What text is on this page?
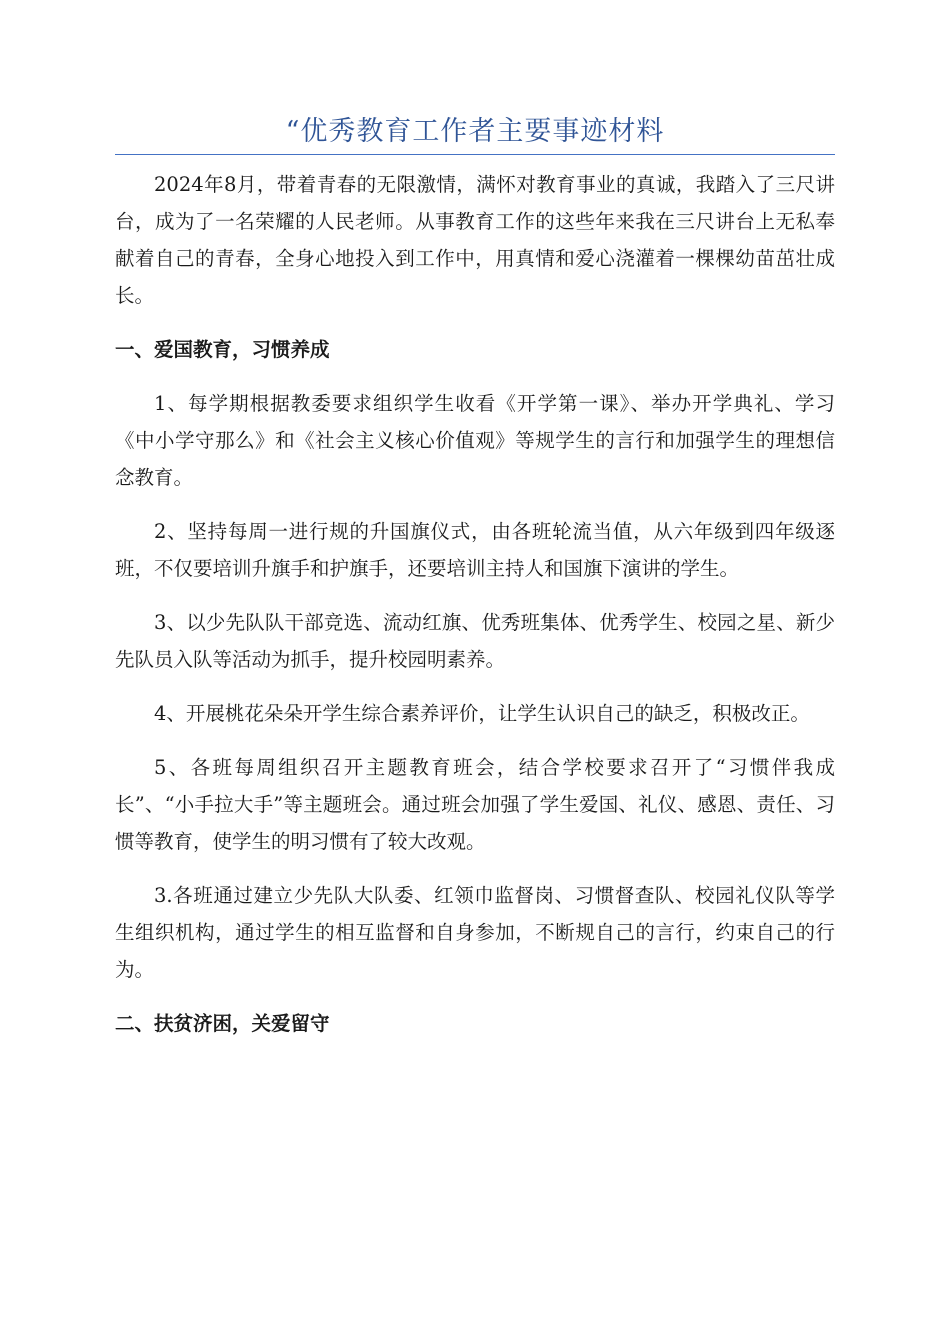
“优秀教育工作者主要事迹材料

2024年8月，带着青春的无限激情，满怀对教育事业的真诚，我踏入了三尺讲台，成为了一名荣耀的人民老师。从事教育工作的这些年来我在三尺讲台上无私奉献着自己的青春，全身心地投入到工作中，用真情和爱心浇灌着一棵棵幼苗茁壮成长。

一、爱国教育，习惯养成

1、每学期根据教委要求组织学生收看《开学第一课》、举办开学典礼、学习《中小学守那么》和《社会主义核心价值观》等规学生的言行和加强学生的理想信念教育。

2、坚持每周一进行规的升国旗仪式，由各班轮流当值，从六年级到四年级逐班，不仅要培训升旗手和护旗手，还要培训主持人和国旗下演讲的学生。

3、以少先队队干部竞选、流动红旗、优秀班集体、优秀学生、校园之星、新少先队员入队等活动为抓手，提升校园明素养。

4、开展桃花朵朵开学生综合素养评价，让学生认识自己的缺乏，积极改正。

5、各班每周组织召开主题教育班会，结合学校要求召开了“习惯伴我成长”、“小手拉大手”等主题班会。通过班会加强了学生爱国、礼仪、感恩、责任、习惯等教育，使学生的明习惯有了较大改观。

3.各班通过建立少先队大队委、红领巾监督岗、习惯督查队、校园礼仪队等学生组织机构，通过学生的相互监督和自身参加，不断规自己的言行，约束自己的行为。

二、扶贫济困，关爱留守
